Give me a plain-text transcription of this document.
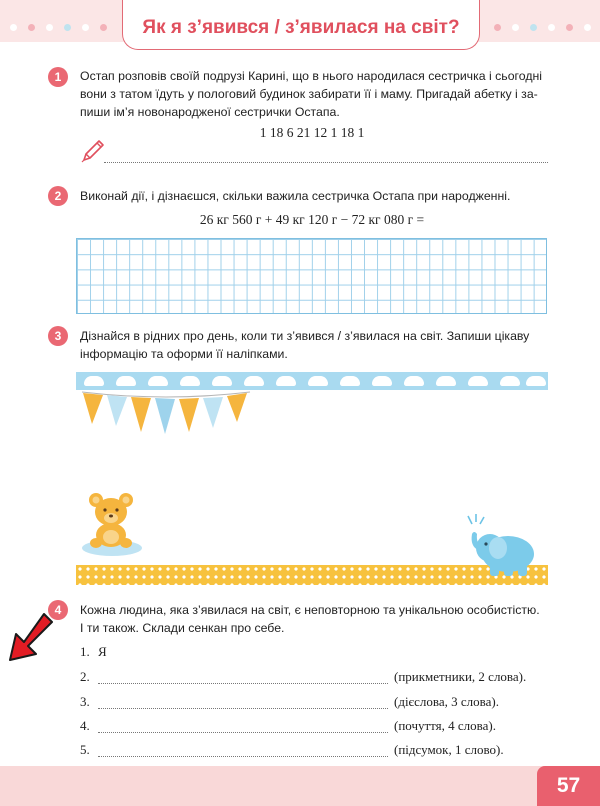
Як я з’явився / з’явилася на світ?
1	Остап розповів своїй подрузі Карині, що в нього народилася сестричка і сьогодні
вони з татом їдуть у пологовий будинок забирати її і маму. Пригадай абетку і за-
пиши ім’я новонародженої сестрички Остапа.
1 18 6 21 12 1 18 1
2	Виконай дії, і дізнаєшся, скільки важила сестричка Остапа при народженні.
26 кг 560 г + 49 кг 120 г − 72 кг 080 г =
3	Дізнайся в рідних про день, коли ти з’явився / з’явилася на світ. Запиши цікаву
інформацію та оформи її наліпками.
4	Кожна людина, яка з’явилася на світ, є неповторною та унікальною особистістю.
І ти також. Склади сенкан про себе.
1. Я
2.	(прикметники, 2 слова).
3.	(дієслова, 3 слова).
4.	(почуття, 4 слова).
5.	(підсумок, 1 слово).
57
